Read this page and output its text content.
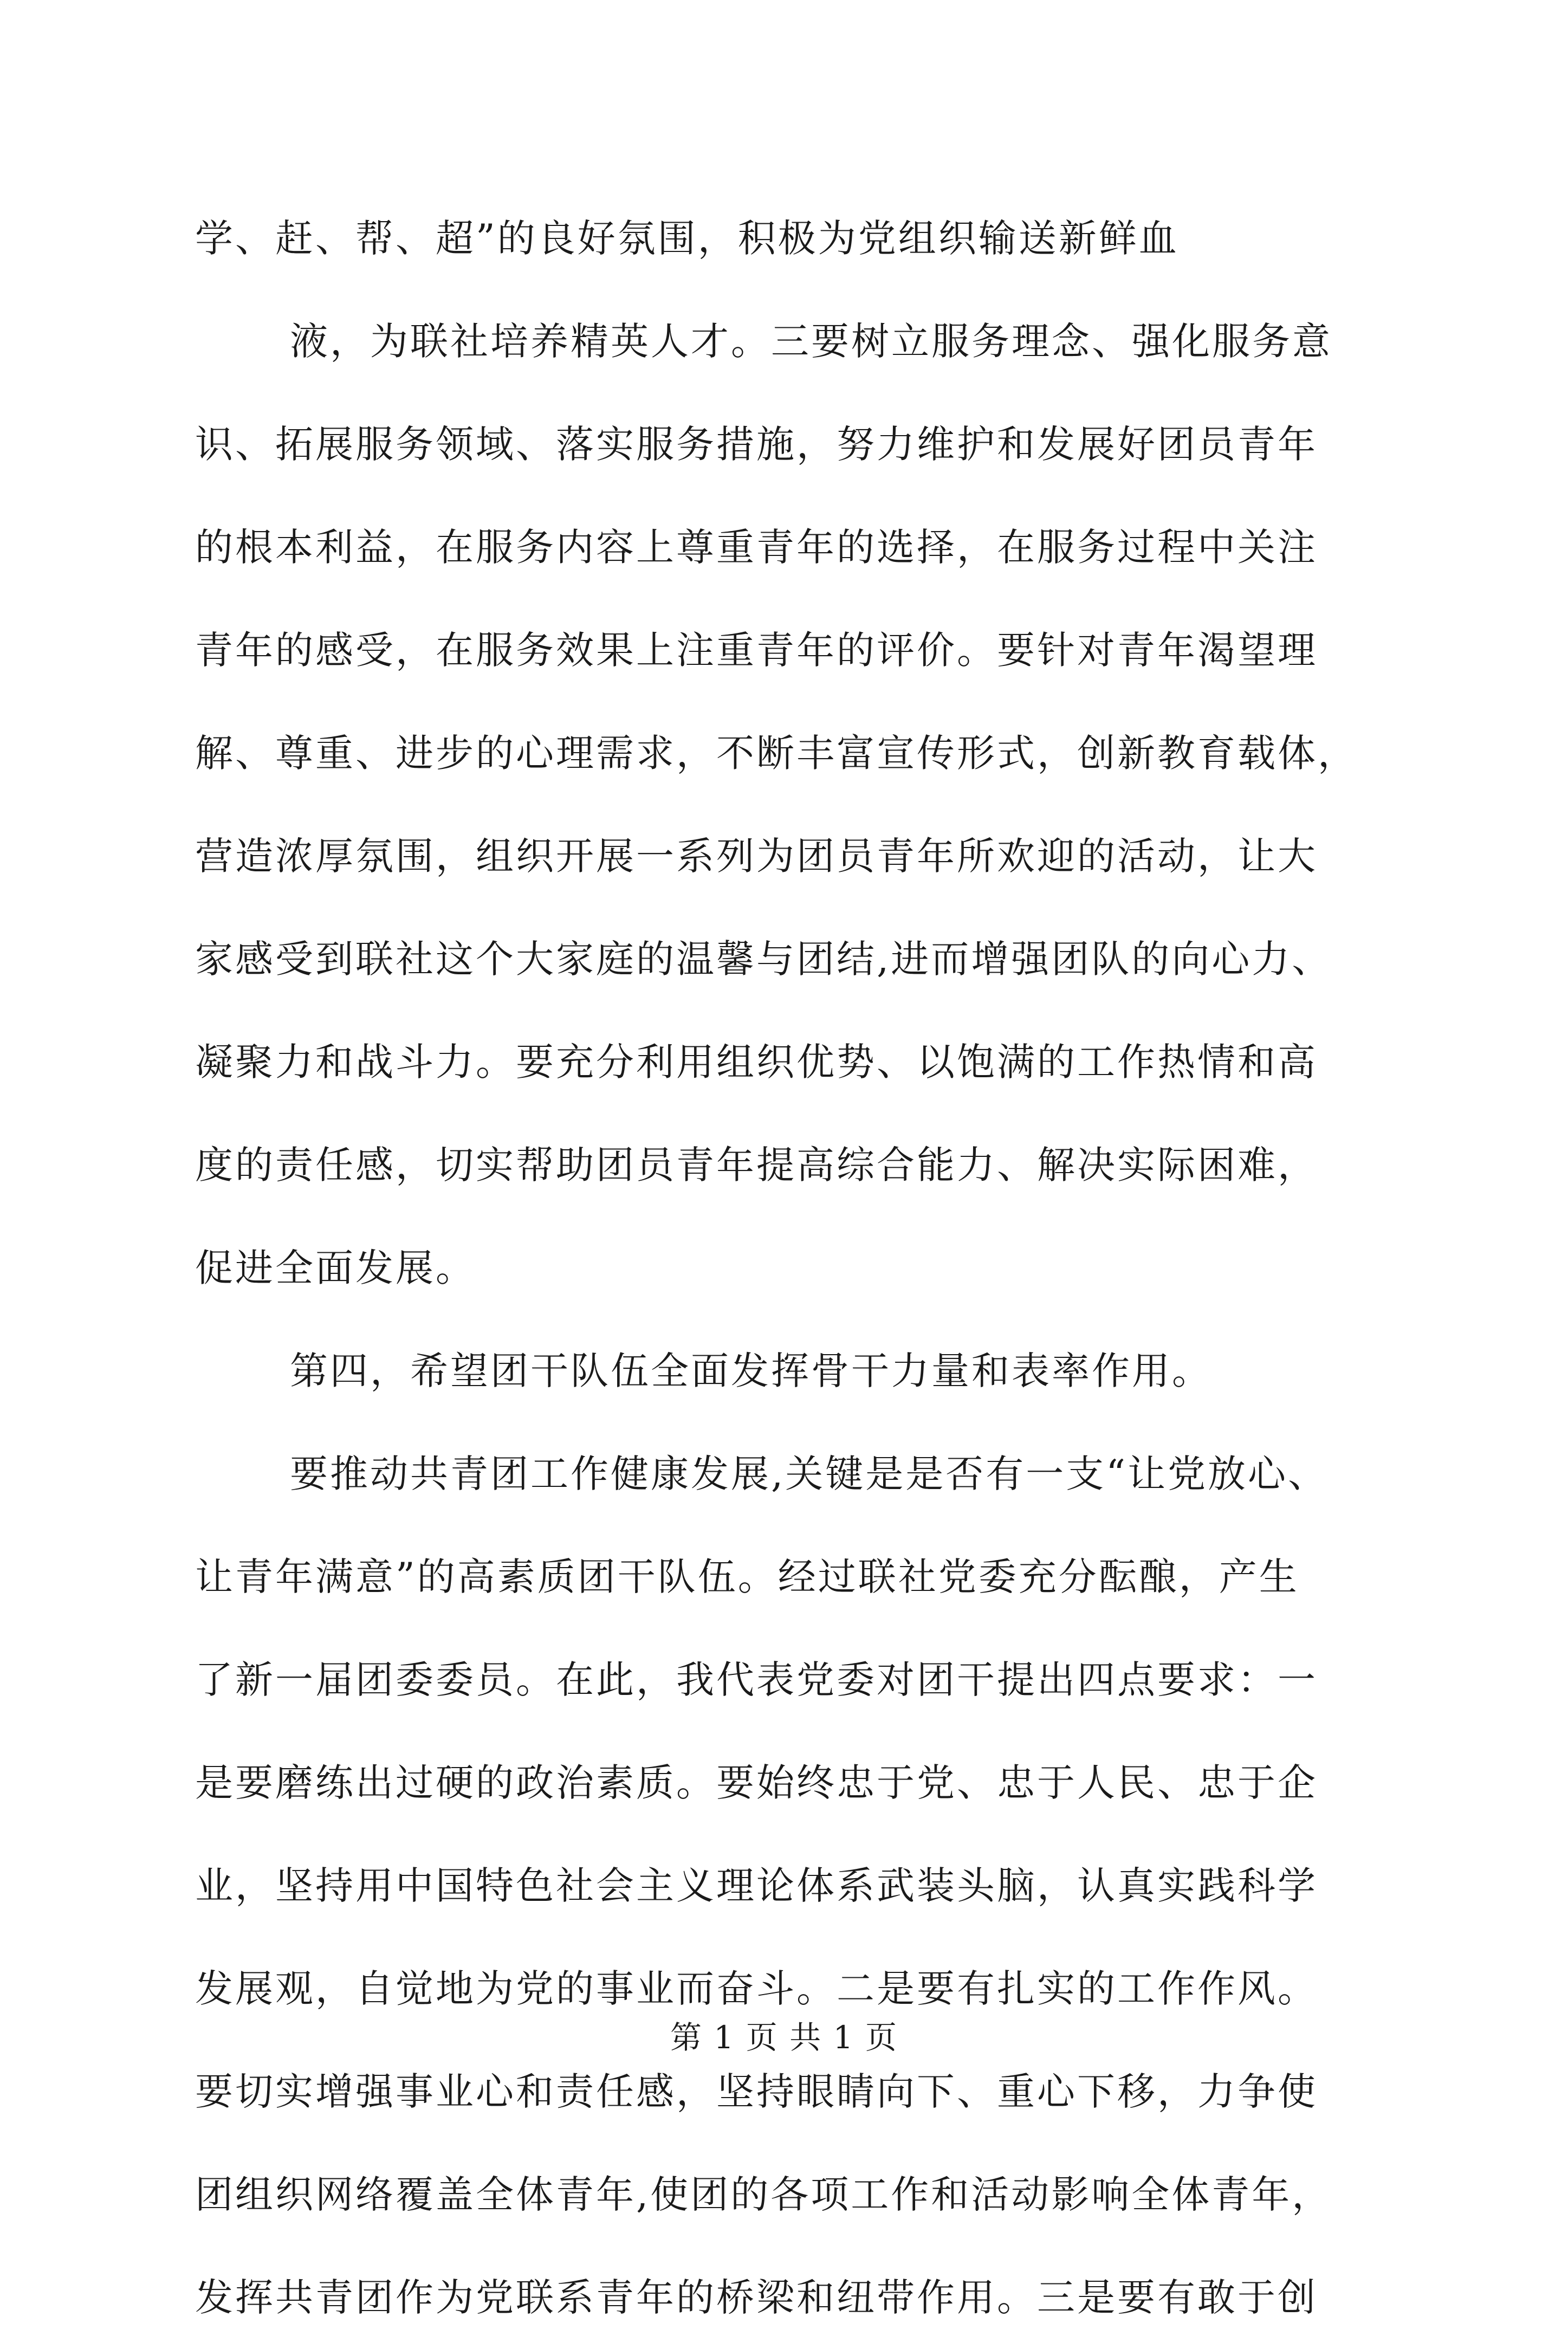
学、赶、帮、超”的良好氛围，积极为党组织输送新鲜血
液，为联社培养精英人才。三要树立服务理念、强化服务意
识、拓展服务领域、落实服务措施，努力维护和发展好团员青年
的根本利益，在服务内容上尊重青年的选择，在服务过程中关注
青年的感受，在服务效果上注重青年的评价。要针对青年渴望理
解、尊重、进步的心理需求，不断丰富宣传形式，创新教育载体，
营造浓厚氛围，组织开展一系列为团员青年所欢迎的活动，让大
家感受到联社这个大家庭的温馨与团结,进而增强团队的向心力、
凝聚力和战斗力。要充分利用组织优势、以饱满的工作热情和高
度的责任感，切实帮助团员青年提高综合能力、解决实际困难，
促进全面发展。
第四，希望团干队伍全面发挥骨干力量和表率作用。
要推动共青团工作健康发展,关键是是否有一支“让党放心、
让青年满意”的高素质团干队伍。经过联社党委充分酝酿，产生
了新一届团委委员。在此，我代表党委对团干提出四点要求：一
是要磨练出过硬的政治素质。要始终忠于党、忠于人民、忠于企
业，坚持用中国特色社会主义理论体系武装头脑，认真实践科学
发展观，自觉地为党的事业而奋斗。二是要有扎实的工作作风。
要切实增强事业心和责任感，坚持眼睛向下、重心下移，力争使
团组织网络覆盖全体青年,使团的各项工作和活动影响全体青年，
发挥共青团作为党联系青年的桥梁和纽带作用。三是要有敢于创
第 1 页 共 1 页
